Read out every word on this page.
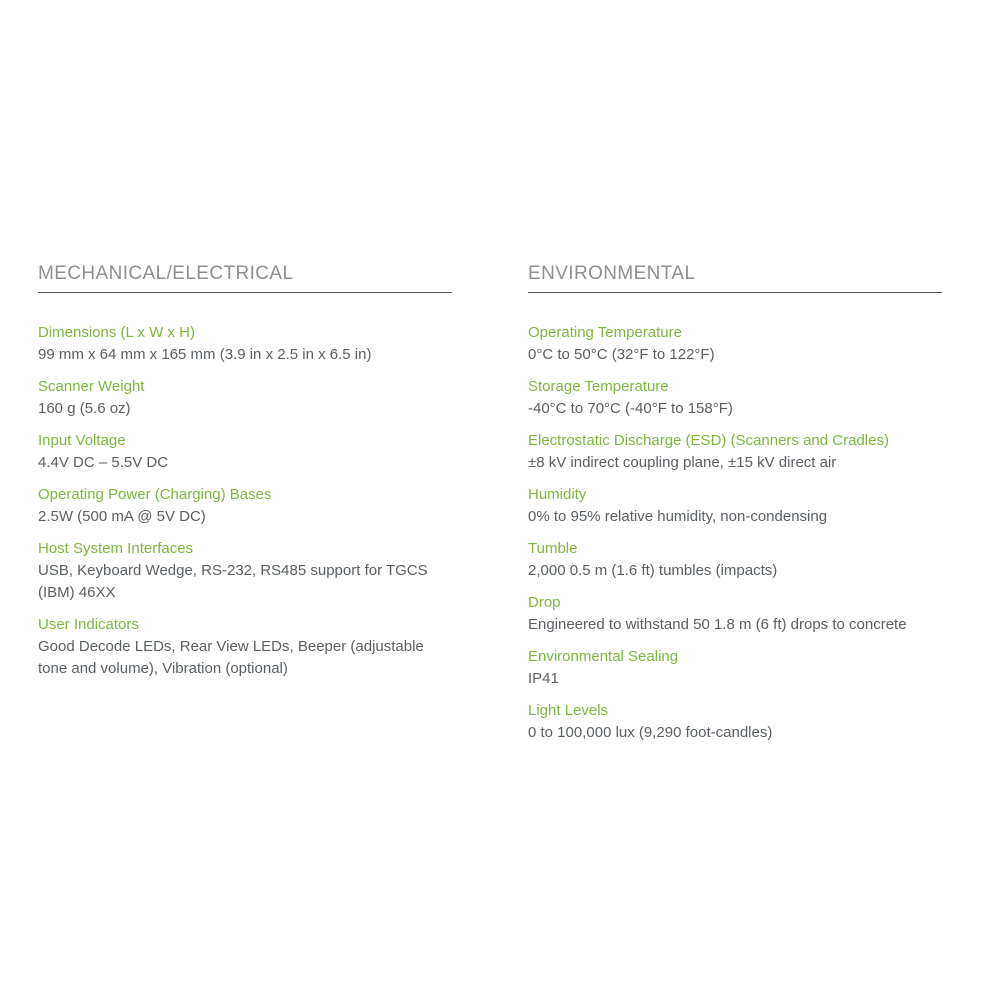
MECHANICAL/ELECTRICAL
Dimensions (L x W x H)
99 mm x 64 mm x 165 mm (3.9 in x 2.5 in x 6.5 in)
Scanner Weight
160 g (5.6 oz)
Input Voltage
4.4V DC – 5.5V DC
Operating Power (Charging) Bases
2.5W (500 mA @ 5V DC)
Host System Interfaces
USB, Keyboard Wedge, RS-232, RS485 support for TGCS
(IBM) 46XX
User Indicators
Good Decode LEDs, Rear View LEDs, Beeper (adjustable
tone and volume), Vibration (optional)
ENVIRONMENTAL
Operating Temperature
0°C to 50°C (32°F to 122°F)
Storage Temperature
-40°C to 70°C (-40°F to 158°F)
Electrostatic Discharge (ESD) (Scanners and Cradles)
±8 kV indirect coupling plane, ±15 kV direct air
Humidity
0% to 95% relative humidity, non-condensing
Tumble
2,000 0.5 m (1.6 ft) tumbles (impacts)
Drop
Engineered to withstand 50 1.8 m (6 ft) drops to concrete
Environmental Sealing
IP41
Light Levels
0 to 100,000 lux (9,290 foot-candles)
